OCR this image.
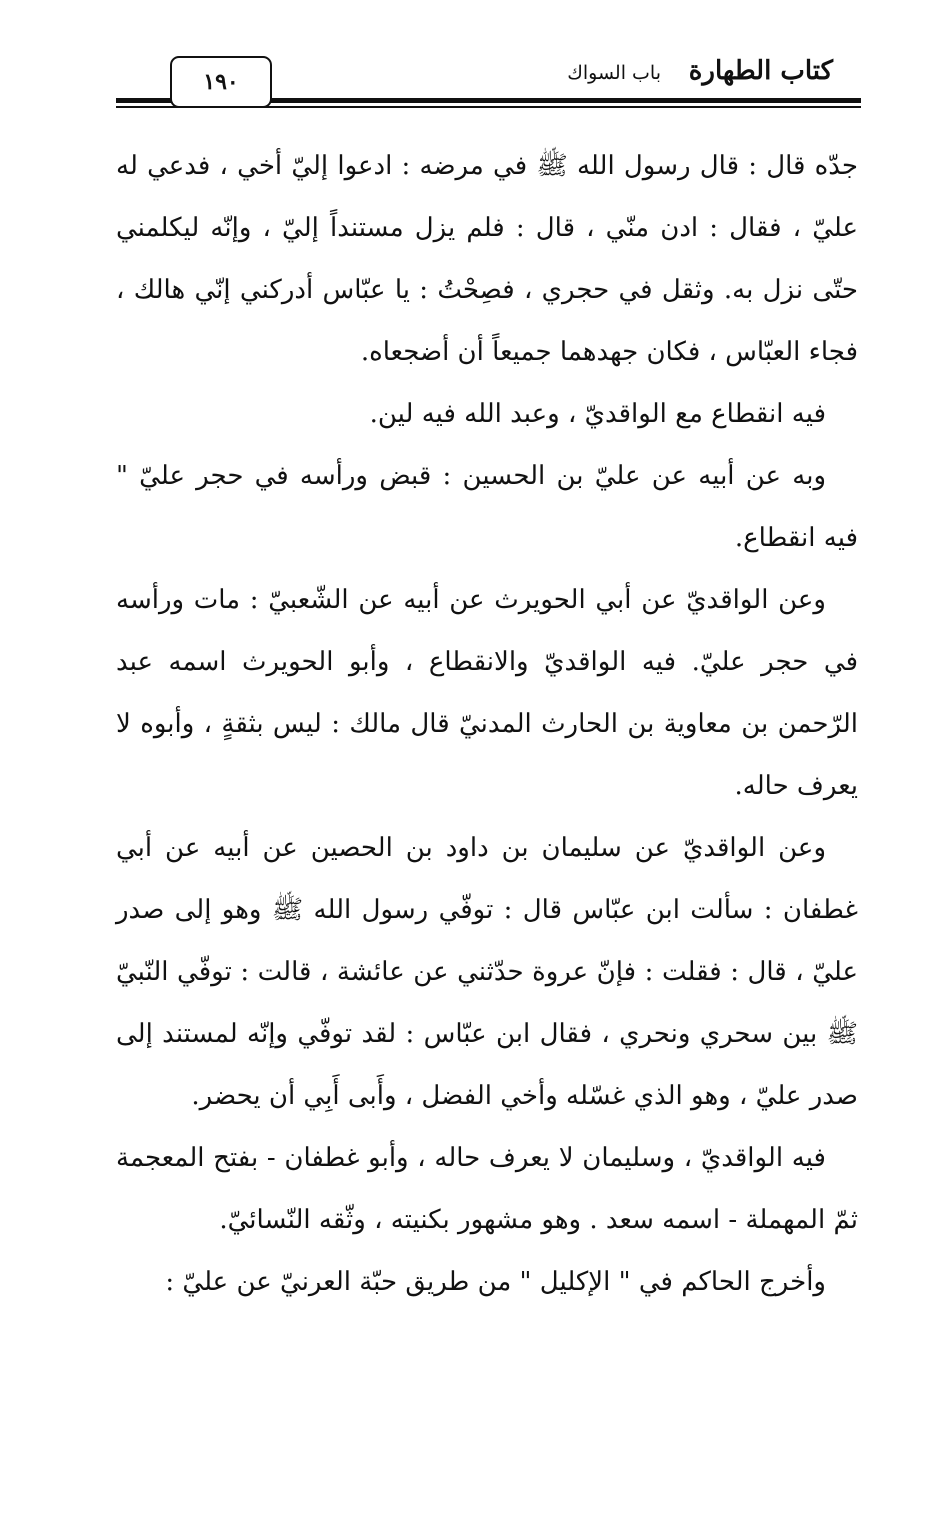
كتاب الطهارة
باب السواك
١٩٠

جدّه قال : قال رسول الله ﷺ في مرضه : ادعوا إليّ أخي ، فدعي له عليّ ، فقال : ادن منّي ، قال : فلم يزل مستنداً إليّ ، وإنّه ليكلمني حتّى نزل به. وثقل في حجري ، فصِحْتُ : يا عبّاس أدركني إنّي هالك ، فجاء العبّاس ، فكان جهدهما جميعاً أن أضجعاه.

فيه انقطاع مع الواقديّ ، وعبد الله فيه لين.

وبه عن أبيه عن عليّ بن الحسين : قبض ورأسه في حجر عليّ " فيه انقطاع.

وعن الواقديّ عن أبي الحويرث عن أبيه عن الشّعبيّ : مات ورأسه في حجر عليّ. فيه الواقديّ والانقطاع ، وأبو الحويرث اسمه عبد الرّحمن بن معاوية بن الحارث المدنيّ قال مالك : ليس بثقةٍ ، وأبوه لا يعرف حاله.

وعن الواقديّ عن سليمان بن داود بن الحصين عن أبيه عن أبي غطفان : سألت ابن عبّاس قال : توفّي رسول الله ﷺ وهو إلى صدر عليّ ، قال : فقلت : فإنّ عروة حدّثني عن عائشة ، قالت : توفّي النّبيّ ﷺ بين سحري ونحري ، فقال ابن عبّاس : لقد توفّي وإنّه لمستند إلى صدر عليّ ، وهو الذي غسّله وأخي الفضل ، وأَبى أَبِي أن يحضر.

فيه الواقديّ ، وسليمان لا يعرف حاله ، وأبو غطفان - بفتح المعجمة ثمّ المهملة - اسمه سعد . وهو مشهور بكنيته ، وثّقه النّسائيّ.

وأخرج الحاكم في " الإكليل " من طريق حبّة العرنيّ عن عليّ :
